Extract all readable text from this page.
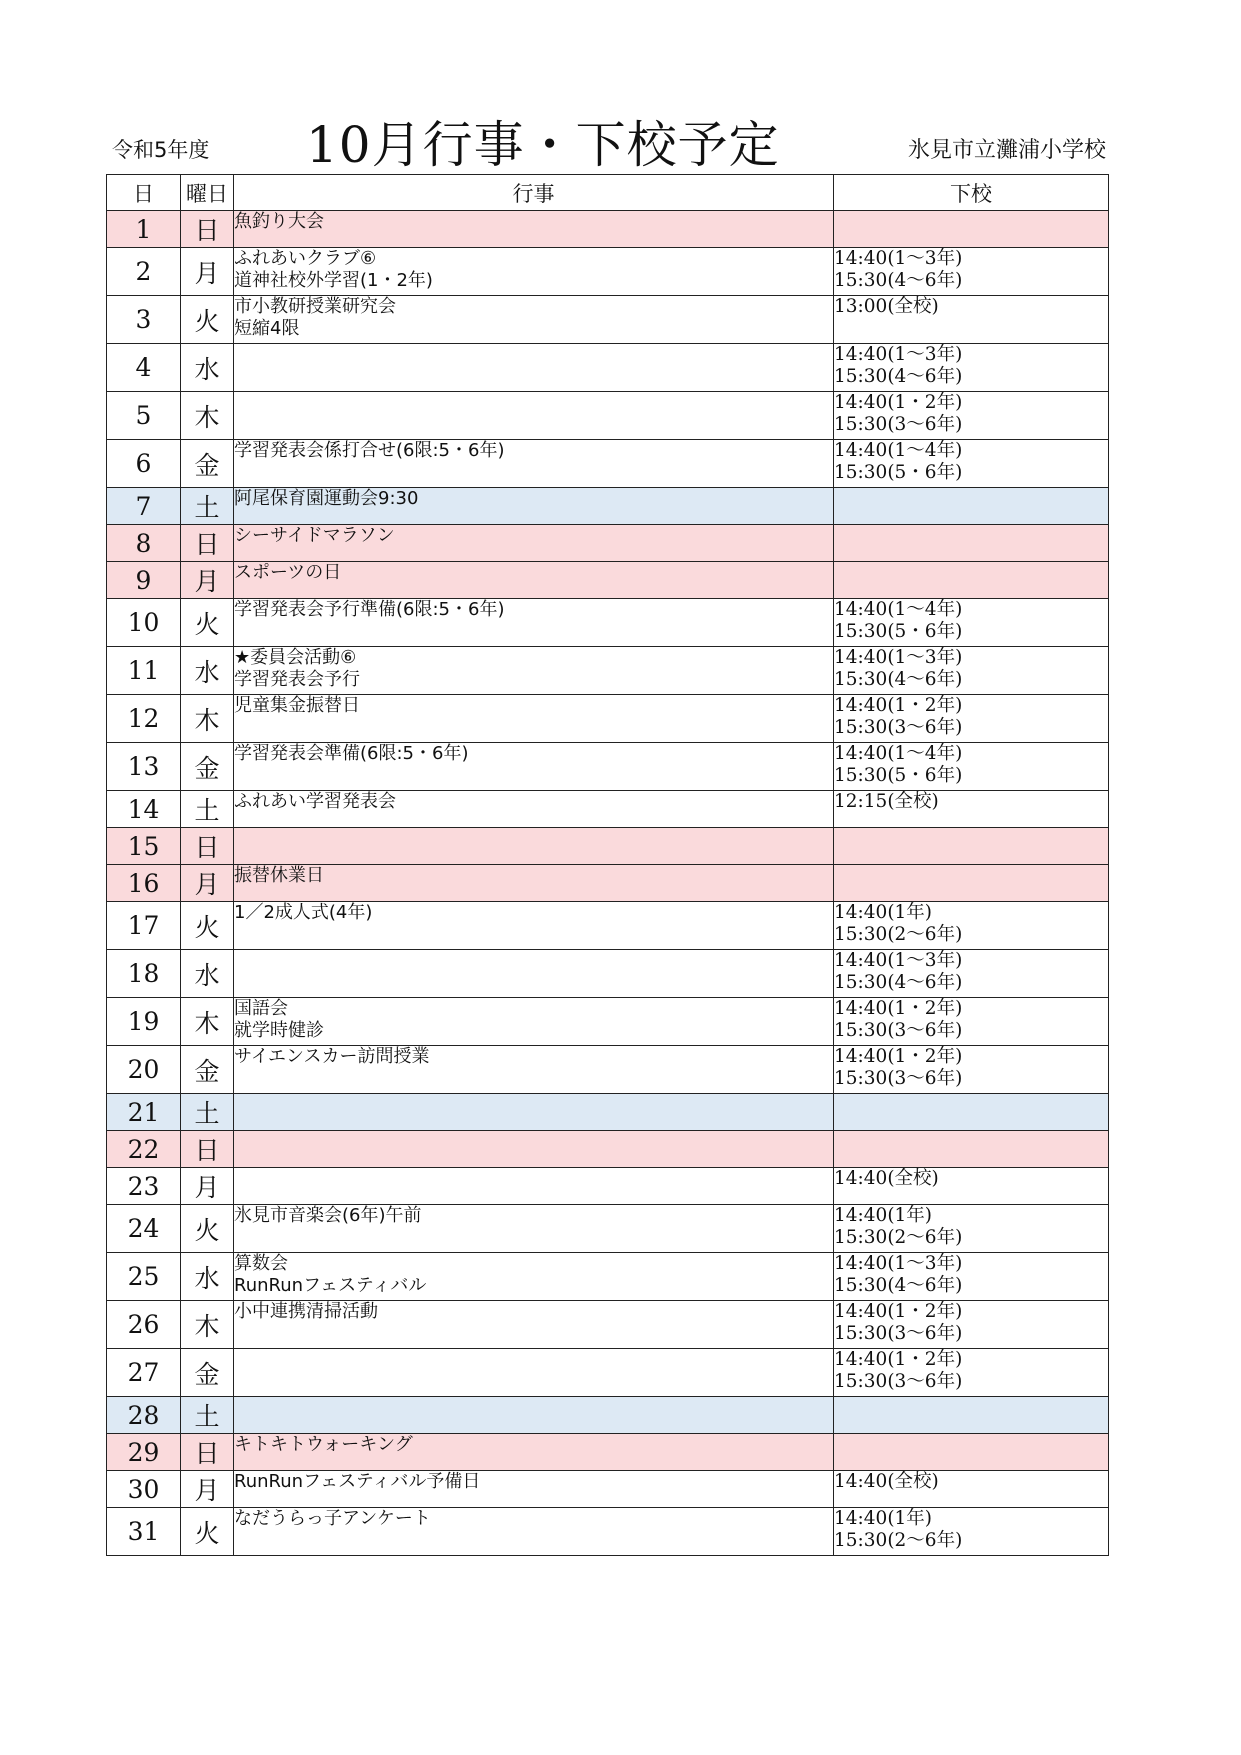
令和5年度 10月行事・下校予定	氷見市立灘浦小学校
日	曜日	行事	下校
1	日	魚釣り大会	

2	月	ふれあいクラブ⑥
道神社校外学習(1・2年)	14:40(1～3年)
15:30(4～6年)

3	火	市小教研授業研究会
短縮4限	13:00(全校)

4	水		14:40(1～3年)
15:30(4～6年)

5	木		14:40(1・2年)
15:30(3～6年)

6	金	学習発表会係打合せ(6限:5・6年)	14:40(1～4年)
15:30(5・6年)

7	土	阿尾保育園運動会9:30	

8	日	シーサイドマラソン	

9	月	スポーツの日	

10	火	学習発表会予行準備(6限:5・6年)	14:40(1～4年)
15:30(5・6年)

11	水	★委員会活動⑥
学習発表会予行	14:40(1～3年)
15:30(4～6年)

12	木	児童集金振替日	14:40(1・2年)
15:30(3～6年)

13	金	学習発表会準備(6限:5・6年)	14:40(1～4年)
15:30(5・6年)

14	土	ふれあい学習発表会	12:15(全校)

15	日		
16	月	振替休業日	

17	火	1／2成人式(4年)	14:40(1年)
15:30(2～6年)

18	水		14:40(1～3年)
15:30(4～6年)

19	木	国語会
就学時健診	14:40(1・2年)
15:30(3～6年)

20	金	サイエンスカー訪問授業	14:40(1・2年)
15:30(3～6年)

21	土		
22	日		
23	月		14:40(全校)

24	火	氷見市音楽会(6年)午前	14:40(1年)
15:30(2～6年)

25	水	算数会
RunRunフェスティバル	14:40(1～3年)
15:30(4～6年)

26	木	小中連携清掃活動	14:40(1・2年)
15:30(3～6年)

27	金		14:40(1・2年)
15:30(3～6年)

28	土		
29	日	キトキトウォーキング	

30	月	RunRunフェスティバル予備日	14:40(全校)

31	火	なだうらっ子アンケート	14:40(1年)
15:30(2～6年)
